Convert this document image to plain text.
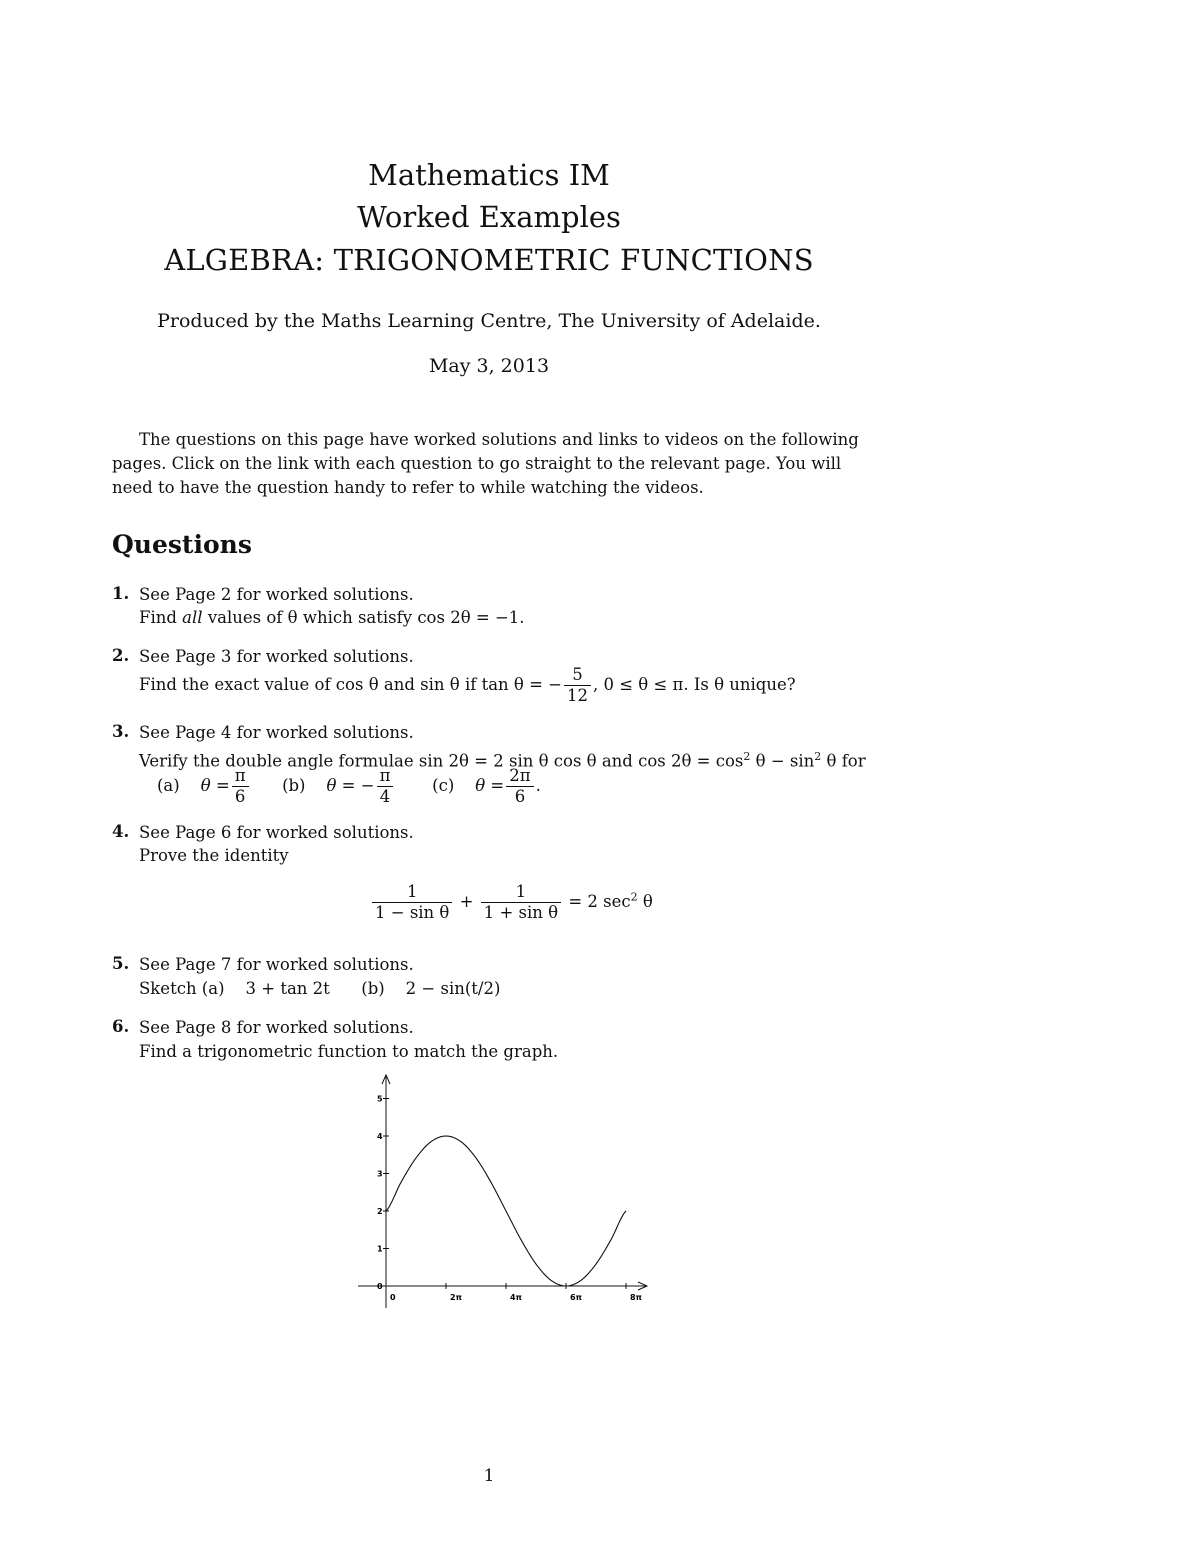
Mathematics IM
Worked Examples
ALGEBRA: TRIGONOMETRIC FUNCTIONS
Produced by the Maths Learning Centre, The University of Adelaide.
May 3, 2013
The questions on this page have worked solutions and links to videos on the following
pages. Click on the link with each question to go straight to the relevant page. You will
need to have the question handy to refer to while watching the videos.
Questions
1. See Page 2 for worked solutions.
Find all values of θ which satisfy cos 2θ = −1.
2. See Page 3 for worked solutions.
Find the exact value of cos θ and sin θ if tan θ = − $\frac{5}{12}$ , 0 ≤ θ ≤ π. Is θ unique?
3. See Page 4 for worked solutions.
Verify the double angle formulae sin 2θ = 2 sin θ cos θ and $\cos 2\theta = \cos^2 \theta - \sin^2 \theta$ for
(a) $\theta = \frac{\pi}{6} (b) \theta$ = − $\frac{\pi}{4} (c) \theta = \frac{2\pi}{6}$ .
4. See Page 6 for worked solutions.
Prove the identity
$\frac{1}{\text{1 − sin θ}} + \frac{1}{\text{1 + sin θ}} = 2$ $\sec^2 \theta$
5. See Page 7 for worked solutions.
Sketch (a)    3 + tan 2t      (b)    2 − sin(t/2)
6. See Page 8 for worked solutions.
Find a trigonometric function to match the graph.
0	2π	4π	6π	8π
0
1
2
3
4
5
1
